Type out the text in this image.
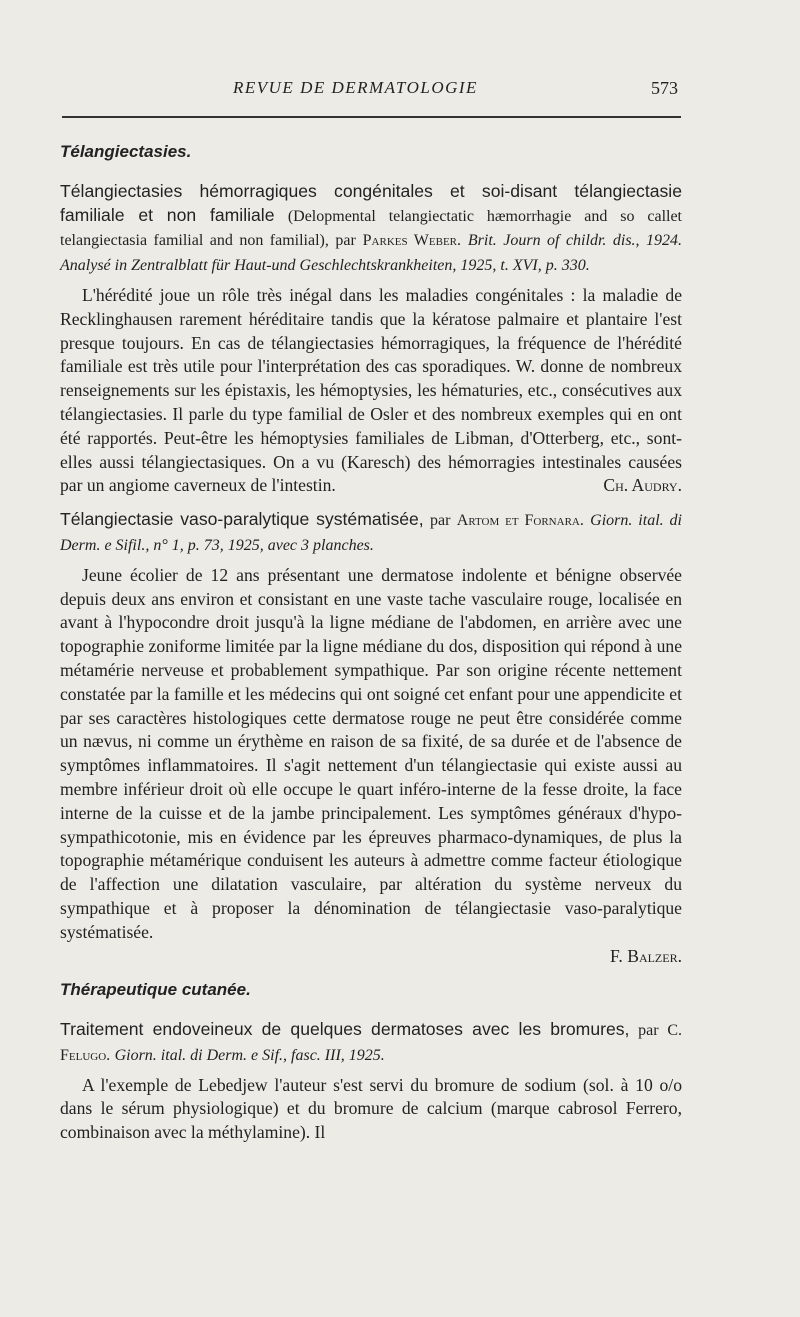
REVUE DE DERMATOLOGIE	573
Télangiectasies.

Télangiectasies hémorragiques congénitales et soi-disant télangiectasie familiale et non familiale (Delopmental telangiectatic hæmorrhagie and so callet telangiectasia familial and non familial), par Parkes Weber. Brit. Journ of childr. dis., 1924. Analysé in Zentralblatt für Haut-und Geschlechtskrankheiten, 1925, t. XVI, p. 330.

L'hérédité joue un rôle très inégal dans les maladies congénitales : la maladie de Recklinghausen rarement héréditaire tandis que la kératose palmaire et plantaire l'est presque toujours. En cas de télangiectasies hémorragiques, la fréquence de l'hérédité familiale est très utile pour l'interprétation des cas sporadiques. W. donne de nombreux renseignements sur les épistaxis, les hémoptysies, les hématuries, etc., consécutives aux télangiectasies. Il parle du type familial de Osler et des nombreux exemples qui en ont été rapportés. Peut-être les hémoptysies familiales de Libman, d'Otterberg, etc., sont-elles aussi télangiectasiques. On a vu (Karesch) des hémorragies intestinales causées par un angiome caverneux de l'intestin.	Ch. Audry.

Télangiectasie vaso-paralytique systématisée, par Artom et Fornara. Giorn. ital. di Derm. e Sifil., n° 1, p. 73, 1925, avec 3 planches.

Jeune écolier de 12 ans présentant une dermatose indolente et bénigne observée depuis deux ans environ et consistant en une vaste tache vasculaire rouge, localisée en avant à l'hypocondre droit jusqu'à la ligne médiane de l'abdomen, en arrière avec une topographie zoniforme limitée par la ligne médiane du dos, disposition qui répond à une métamérie nerveuse et probablement sympathique. Par son origine récente nettement constatée par la famille et les médecins qui ont soigné cet enfant pour une appendicite et par ses caractères histologiques cette dermatose rouge ne peut être considérée comme un nævus, ni comme un érythème en raison de sa fixité, de sa durée et de l'absence de symptômes inflammatoires. Il s'agit nettement d'un télangiectasie qui existe aussi au membre inférieur droit où elle occupe le quart inféro-interne de la fesse droite, la face interne de la cuisse et de la jambe principalement. Les symptômes généraux d'hypo-sympathicotonie, mis en évidence par les épreuves pharmaco-dynamiques, de plus la topographie métamérique conduisent les auteurs à admettre comme facteur étiologique de l'affection une dilatation vasculaire, par altération du système nerveux du sympathique et à proposer la dénomination de télangiectasie vaso-paralytique systématisée.

F. Balzer.

Thérapeutique cutanée.

Traitement endoveineux de quelques dermatoses avec les bromures, par C. Felugo. Giorn. ital. di Derm. e Sif., fasc. III, 1925.

A l'exemple de Lebedjew l'auteur s'est servi du bromure de sodium (sol. à 10 o/o dans le sérum physiologique) et du bromure de calcium (marque cabrosol Ferrero, combinaison avec la méthylamine). Il
